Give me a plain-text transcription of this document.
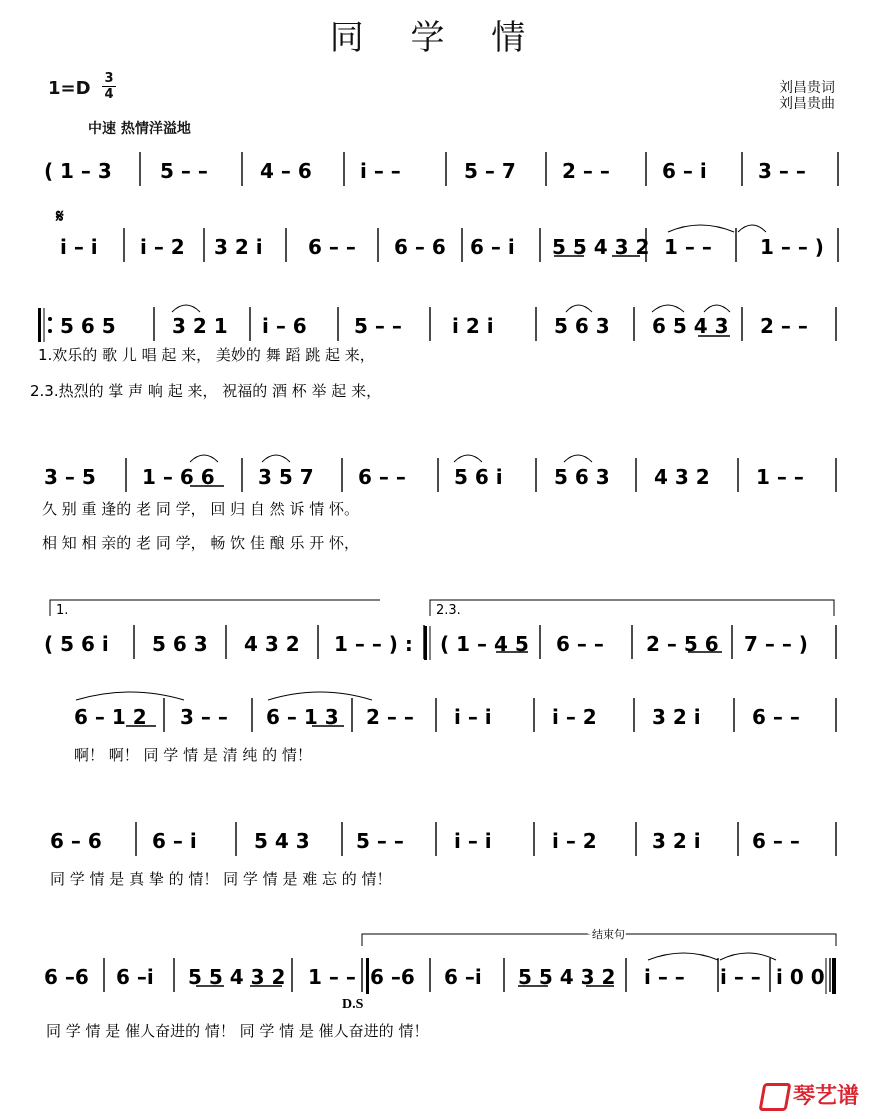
同 学 情
1=D 3
4	刘昌贵词
刘昌贵曲
中速 热情洋溢地
𝄋
1.	2.3.
结束句
D.S
( 1 – 3 5 – –	4 – 6 i – –	5 – 7 2 – –	6 – i	3 – –
i – i i – 2 3 2 i 6 – – 6 – 6 6 – i 5 5 4 3 2 1 – – 1 – – )
5 6 5	3 2 1 i – 6 5 – –	i 2 i	5 6 3 6 5 4 3 2 – –
3 – 5 1 – 6 6 3 5 7 6 – – 5 6 i	5 6 3 4 3 2 1 – –
( 5 6 i 5 6 3 4 3 2 1 – – ) : ( 1 – 4 5 6 – – 2 – 5 6 7 – – )
6 – 1 2 3 – – 6 – 1 3 2 – – i – i	i – 2	3 2 i	6 – –
6 – 6	6 – i	5 4 3 5 – –	i – i	i – 2	3 2 i	6 – –
6 –6 6 –i 5 5 4 3 2 1 – – 6 –6 6 –i 5 5 4 3 2 i – – i – – i 0 0
1.欢乐的 歌 儿 唱 起 来， 美妙的 舞 蹈 跳 起 来，
2.3.热烈的 掌 声 响 起 来， 祝福的 酒 杯 举 起 来，
久 别 重 逢的 老 同 学， 回 归 自 然 诉 情 怀。
相 知 相 亲的 老 同 学， 畅 饮 佳 酿 乐 开 怀，
啊！ 啊！ 同 学 情 是 清 纯 的 情！
同 学 情 是 真 挚 的 情！ 同 学 情 是 难 忘 的 情！
同 学 情 是 催人奋进的 情！ 同 学 情 是 催人奋进的 情！
琴艺谱
